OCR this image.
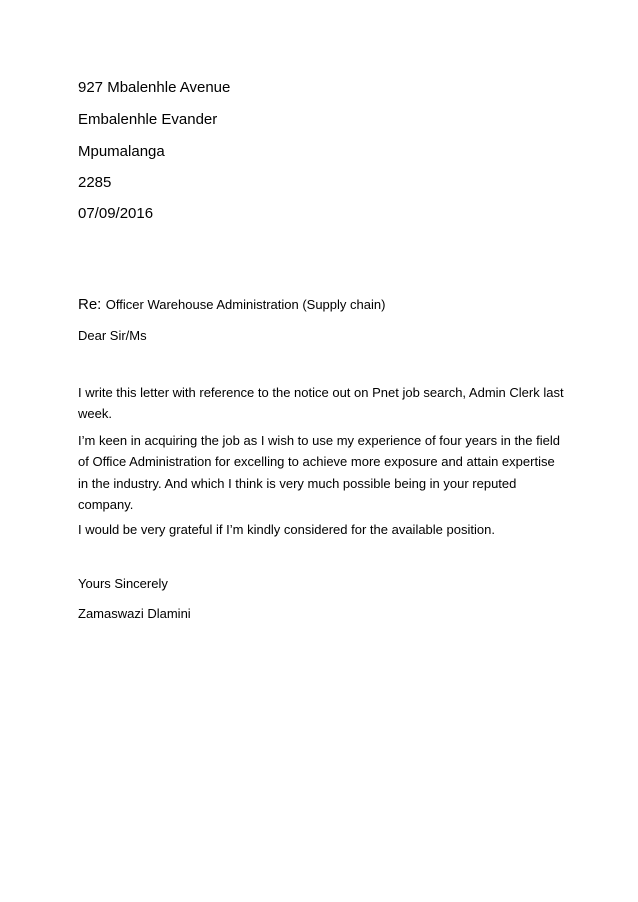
927 Mbalenhle Avenue
Embalenhle Evander
Mpumalanga
2285
07/09/2016
Re: Officer Warehouse Administration (Supply chain)
Dear Sir/Ms
I write this letter with reference to the notice out on Pnet job search, Admin Clerk last week.
I’m keen in acquiring the job as I wish to use my experience of four years in the field of Office Administration for excelling to achieve more exposure and attain expertise in the industry. And which I think is very much possible being in your reputed company.
I would be very grateful if I’m kindly considered for the available position.
Yours Sincerely
Zamaswazi Dlamini
